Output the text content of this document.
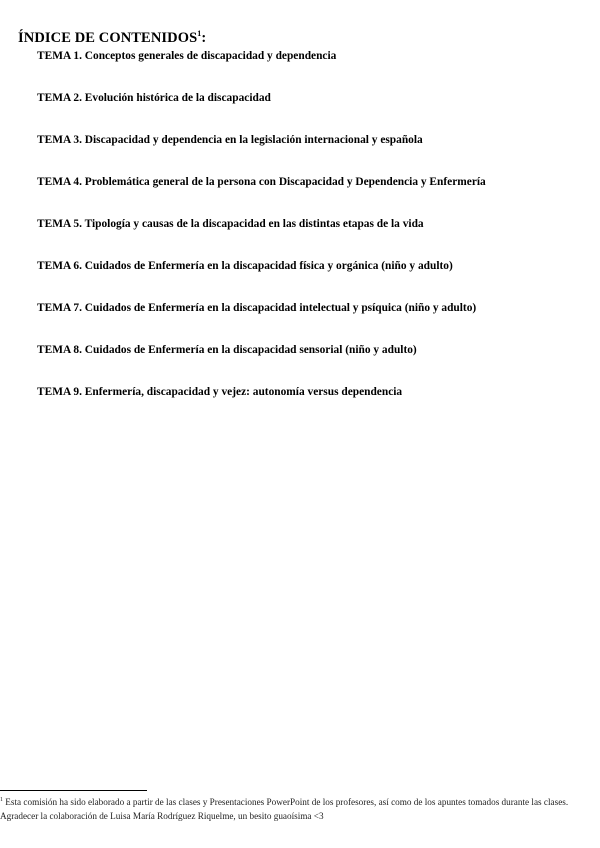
ÍNDICE DE CONTENIDOS$^1$:
TEMA 1. Conceptos generales de discapacidad y dependencia
TEMA 2. Evolución histórica de la discapacidad
TEMA 3. Discapacidad y dependencia en la legislación internacional y española
TEMA 4. Problemática general de la persona con Discapacidad y Dependencia y Enfermería
TEMA 5. Tipología y causas de la discapacidad en las distintas etapas de la vida
TEMA 6. Cuidados de Enfermería en la discapacidad física y orgánica (niño y adulto)
TEMA 7. Cuidados de Enfermería en la discapacidad intelectual y psíquica (niño y adulto)
TEMA 8. Cuidados de Enfermería en la discapacidad sensorial (niño y adulto)
TEMA 9. Enfermería, discapacidad y vejez: autonomía versus dependencia
$^1$ Esta comisión ha sido elaborado a partir de las clases y Presentaciones PowerPoint de los profesores, así como de los apuntes tomados durante las clases. Agradecer la colaboración de Luisa María Rodríguez Riquelme, un besito guaoísima <3
